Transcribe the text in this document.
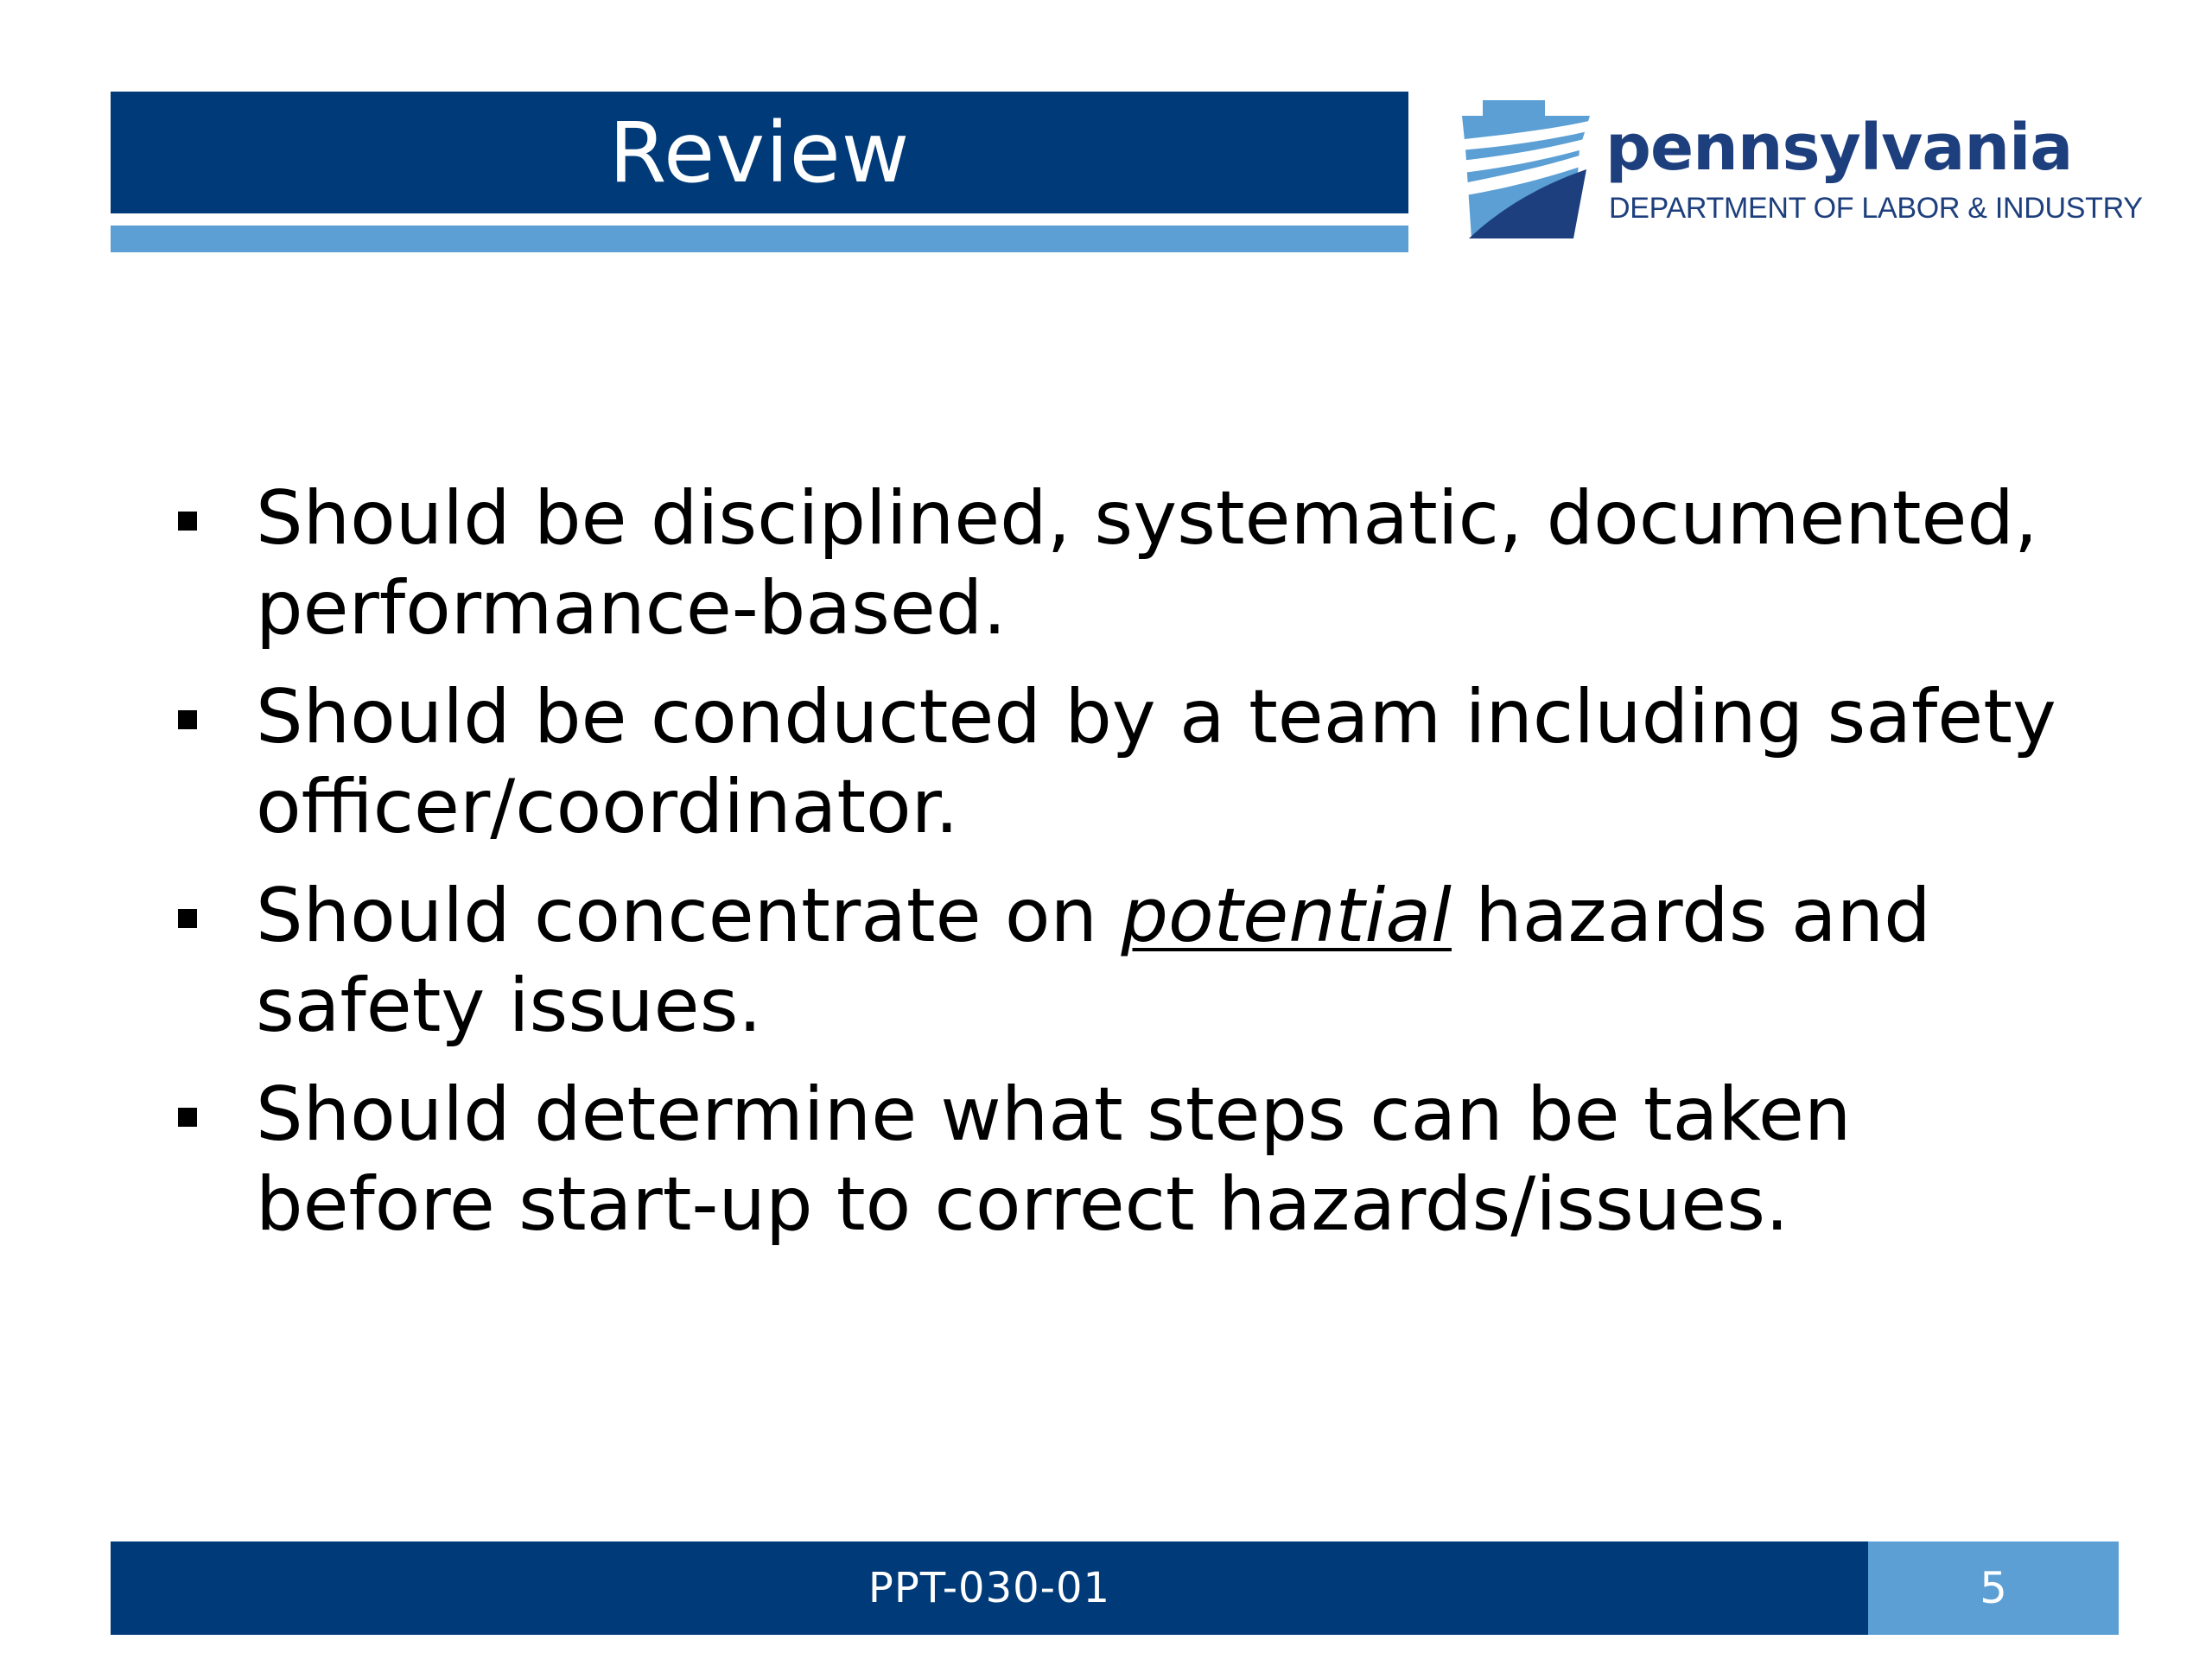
Review	pennsylvania
DEPARTMENT OF LABOR & INDUSTRY
Should be disciplined, systematic, documented, performance-based.
Should be conducted by a team including safety officer/coordinator.
Should concentrate on potential hazards and safety issues.
Should determine what steps can be taken before start-up to correct hazards/issues.
PPT-030-01	5
